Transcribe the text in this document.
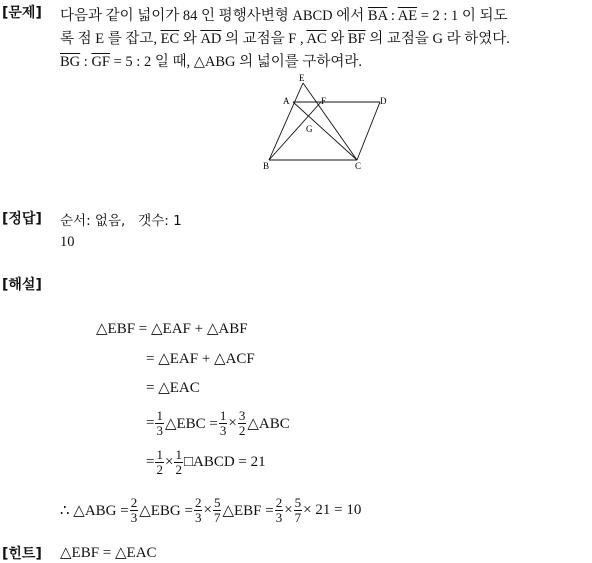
[문제] 다음과 같이 넓이가 84 인 평행사변형 ABCD 에서 $\overline{BA}$ : $\overline{AE} = 2$ : 1 이 되도
록 점 E 를 잡고, $\overline{EC}$ 와 $\overline{AD}$ 의 교점을 F , $\overline{AC}$ 와 $\overline{BF}$ 의 교점을 G 라 하였다.
$\overline{BG}$ : $\overline{GF} = 5$ : 2 일 때, △ABG 의 넓이를 구하여라.
E
A	F	D
G
B	C
[정답] 순서: 없음,   갯수: 1
10
[해설]
△EBF = △EAF + △ABF
= △EAF + △ACF
= △EAC
= $\frac{1}{3}$ △EBC = $\frac{1}{3} \times \frac{3}{2}$ △ABC
= $\frac{1}{2} \times \frac{1}{2}$ □ABCD = 21
∴ △ABG = $\frac{2}{3}$ △EBG = $\frac{2}{3} \times \frac{5}{7}$ △EBF = $\frac{2}{3} \times \frac{5}{7} \times 21 = 10$
[힌트] △EBF = △EAC
